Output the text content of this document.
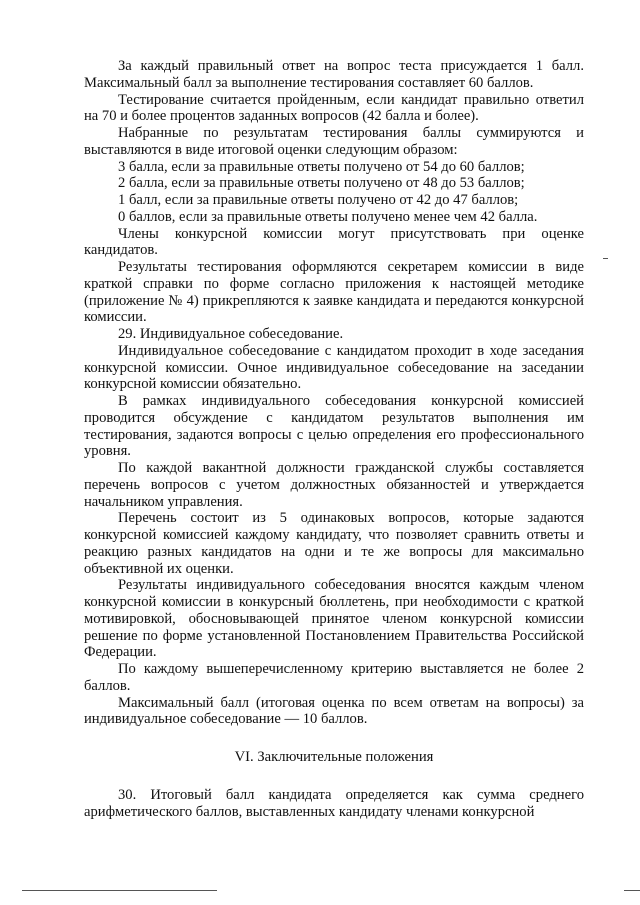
За каждый правильный ответ на вопрос теста присуждается 1 балл. Максимальный балл за выполнение тестирования составляет 60 баллов.

Тестирование считается пройденным, если кандидат правильно ответил на 70 и более процентов заданных вопросов (42 балла и более).

Набранные по результатам тестирования баллы суммируются и выставляются в виде итоговой оценки следующим образом:

3 балла, если за правильные ответы получено от 54 до 60 баллов;

2 балла, если за правильные ответы получено от 48 до 53 баллов;

1 балл, если за правильные ответы получено от 42 до 47 баллов;

0 баллов, если за правильные ответы получено менее чем 42 балла.

Члены конкурсной комиссии могут присутствовать при оценке кандидатов.

Результаты тестирования оформляются секретарем комиссии в виде краткой справки по форме согласно приложения к настоящей методике (приложение № 4) прикрепляются к заявке кандидата и передаются конкурсной комиссии.

29. Индивидуальное собеседование.

Индивидуальное собеседование с кандидатом проходит в ходе заседания конкурсной комиссии. Очное индивидуальное собеседование на заседании конкурсной комиссии обязательно.

В рамках индивидуального собеседования конкурсной комиссией проводится обсуждение с кандидатом результатов выполнения им тестирования, задаются вопросы с целью определения его профессионального уровня.

По каждой вакантной должности гражданской службы составляется перечень вопросов с учетом должностных обязанностей и утверждается начальником управления.

Перечень состоит из 5 одинаковых вопросов, которые задаются конкурсной комиссией каждому кандидату, что позволяет сравнить ответы и реакцию разных кандидатов на одни и те же вопросы для максимально объективной их оценки.

Результаты индивидуального собеседования вносятся каждым членом конкурсной комиссии в конкурсный бюллетень, при необходимости с краткой мотивировкой, обосновывающей принятое членом конкурсной комиссии решение по форме установленной Постановлением Правительства Российской Федерации.

По каждому вышеперечисленному критерию выставляется не более 2 баллов.

Максимальный балл (итоговая оценка по всем ответам на вопросы) за индивидуальное собеседование — 10 баллов.

VI. Заключительные положения

30. Итоговый балл кандидата определяется как сумма среднего арифметического баллов, выставленных кандидату членами конкурсной
